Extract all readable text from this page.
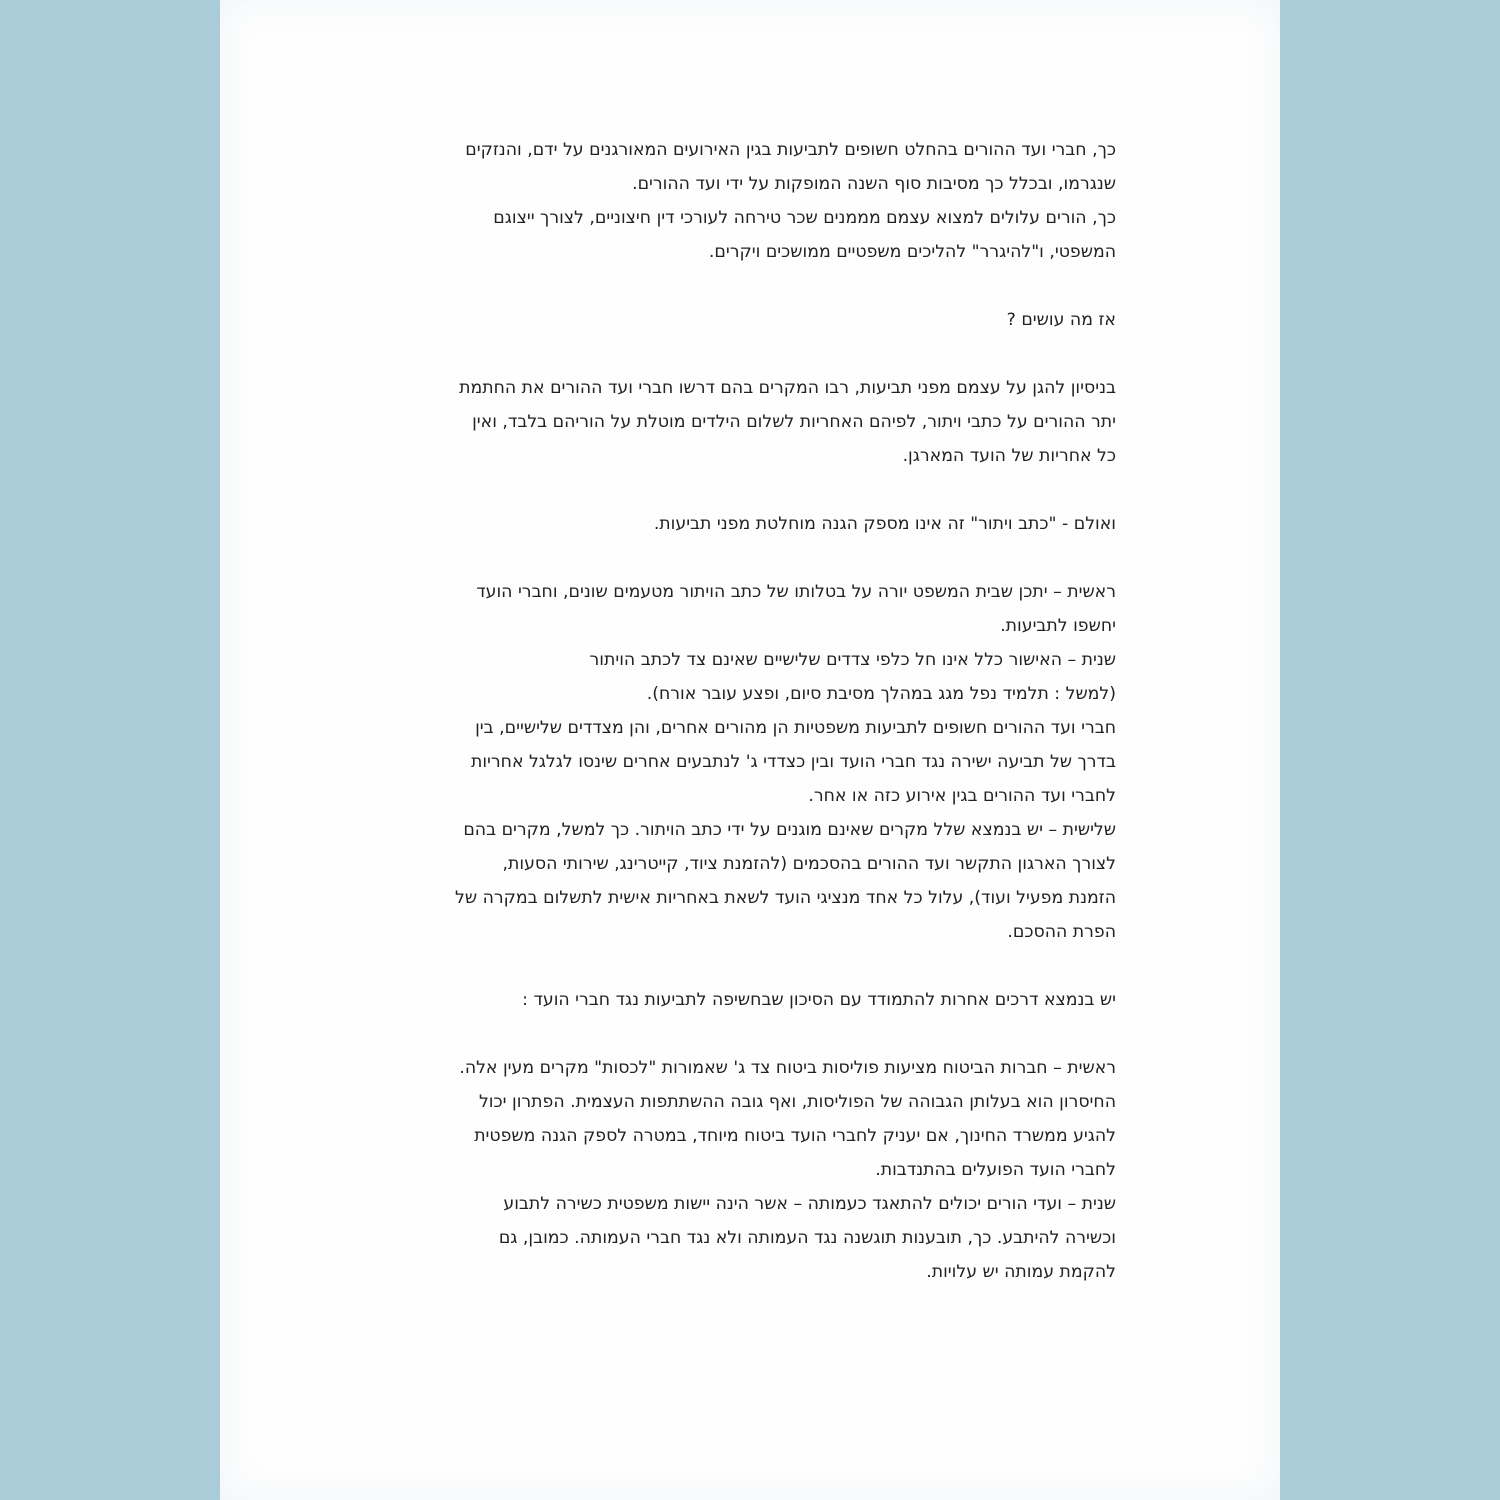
כך, חברי ועד ההורים בהחלט חשופים לתביעות בגין האירועים המאורגנים על ידם, והנזקים
שנגרמו, ובכלל כך מסיבות סוף השנה המופקות על ידי ועד ההורים.
כך, הורים עלולים למצוא עצמם מממנים שכר טירחה לעורכי דין חיצוניים, לצורך ייצוגם
המשפטי, ו"להיגרר" להליכים משפטיים ממושכים ויקרים.
אז מה עושים ?
בניסיון להגן על עצמם מפני תביעות, רבו המקרים בהם דרשו חברי ועד ההורים את החתמת
יתר ההורים על כתבי ויתור, לפיהם האחריות לשלום הילדים מוטלת על הוריהם בלבד, ואין
כל אחריות של הועד המארגן.
ואולם - "כתב ויתור" זה אינו מספק הגנה מוחלטת מפני תביעות.
ראשית – יתכן שבית המשפט יורה על בטלותו של כתב הויתור מטעמים שונים, וחברי הועד
יחשפו לתביעות.
שנית – האישור כלל אינו חל כלפי צדדים שלישיים שאינם צד לכתב הויתור
(למשל : תלמיד נפל מגג במהלך מסיבת סיום, ופצע עובר אורח).
חברי ועד ההורים חשופים לתביעות משפטיות הן מהורים אחרים, והן מצדדים שלישיים, בין
בדרך של תביעה ישירה נגד חברי הועד ובין כצדדי ג' לנתבעים אחרים שינסו לגלגל אחריות
לחברי ועד ההורים בגין אירוע כזה או אחר.
שלישית – יש בנמצא שלל מקרים שאינם מוגנים על ידי כתב הויתור. כך למשל, מקרים בהם
לצורך הארגון התקשר ועד ההורים בהסכמים (להזמנת ציוד, קייטרינג, שירותי הסעות,
הזמנת מפעיל ועוד), עלול כל אחד מנציגי הועד לשאת באחריות אישית לתשלום במקרה של
הפרת ההסכם.
יש בנמצא דרכים אחרות להתמודד עם הסיכון שבחשיפה לתביעות נגד חברי הועד :
ראשית – חברות הביטוח מציעות פוליסות ביטוח צד ג' שאמורות "לכסות" מקרים מעין אלה.
החיסרון הוא בעלותן הגבוהה של הפוליסות, ואף גובה ההשתתפות העצמית. הפתרון יכול
להגיע ממשרד החינוך, אם יעניק לחברי הועד ביטוח מיוחד, במטרה לספק הגנה משפטית
לחברי הועד הפועלים בהתנדבות.
שנית – ועדי הורים יכולים להתאגד כעמותה – אשר הינה יישות משפטית כשירה לתבוע
וכשירה להיתבע. כך, תובענות תוגשנה נגד העמותה ולא נגד חברי העמותה. כמובן, גם
להקמת עמותה יש עלויות.
